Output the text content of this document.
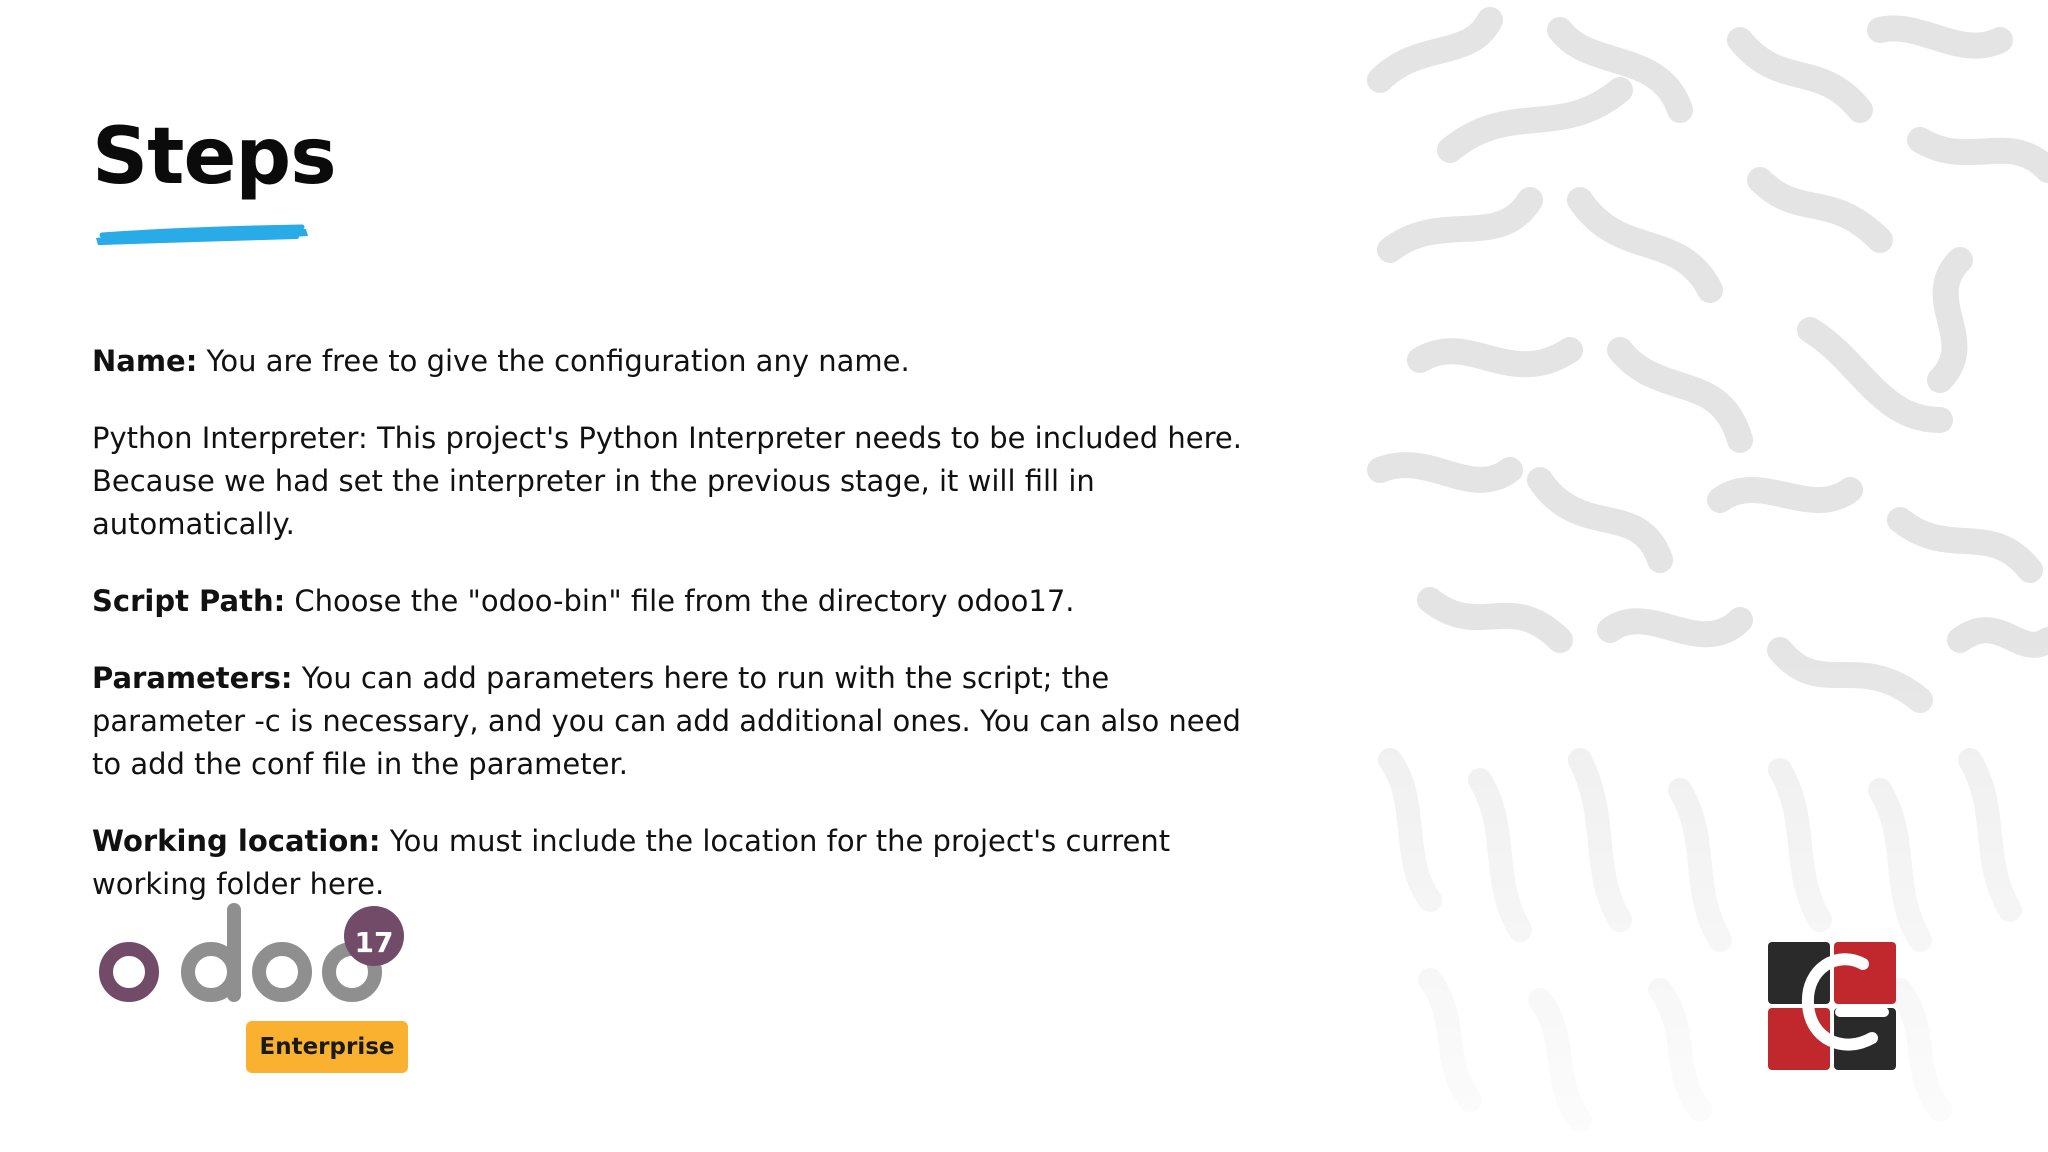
Steps

Name: You are free to give the configuration any name.

Python Interpreter: This project's Python Interpreter needs to be included here. Because we had set the interpreter in the previous stage, it will fill in automatically.

Script Path: Choose the "odoo-bin" file from the directory odoo17.

Parameters: You can add parameters here to run with the script; the parameter -c is necessary, and you can add additional ones. You can also need to add the conf file in the parameter.

Working location: You must include the location for the project's current working folder here.

17
Enterprise
